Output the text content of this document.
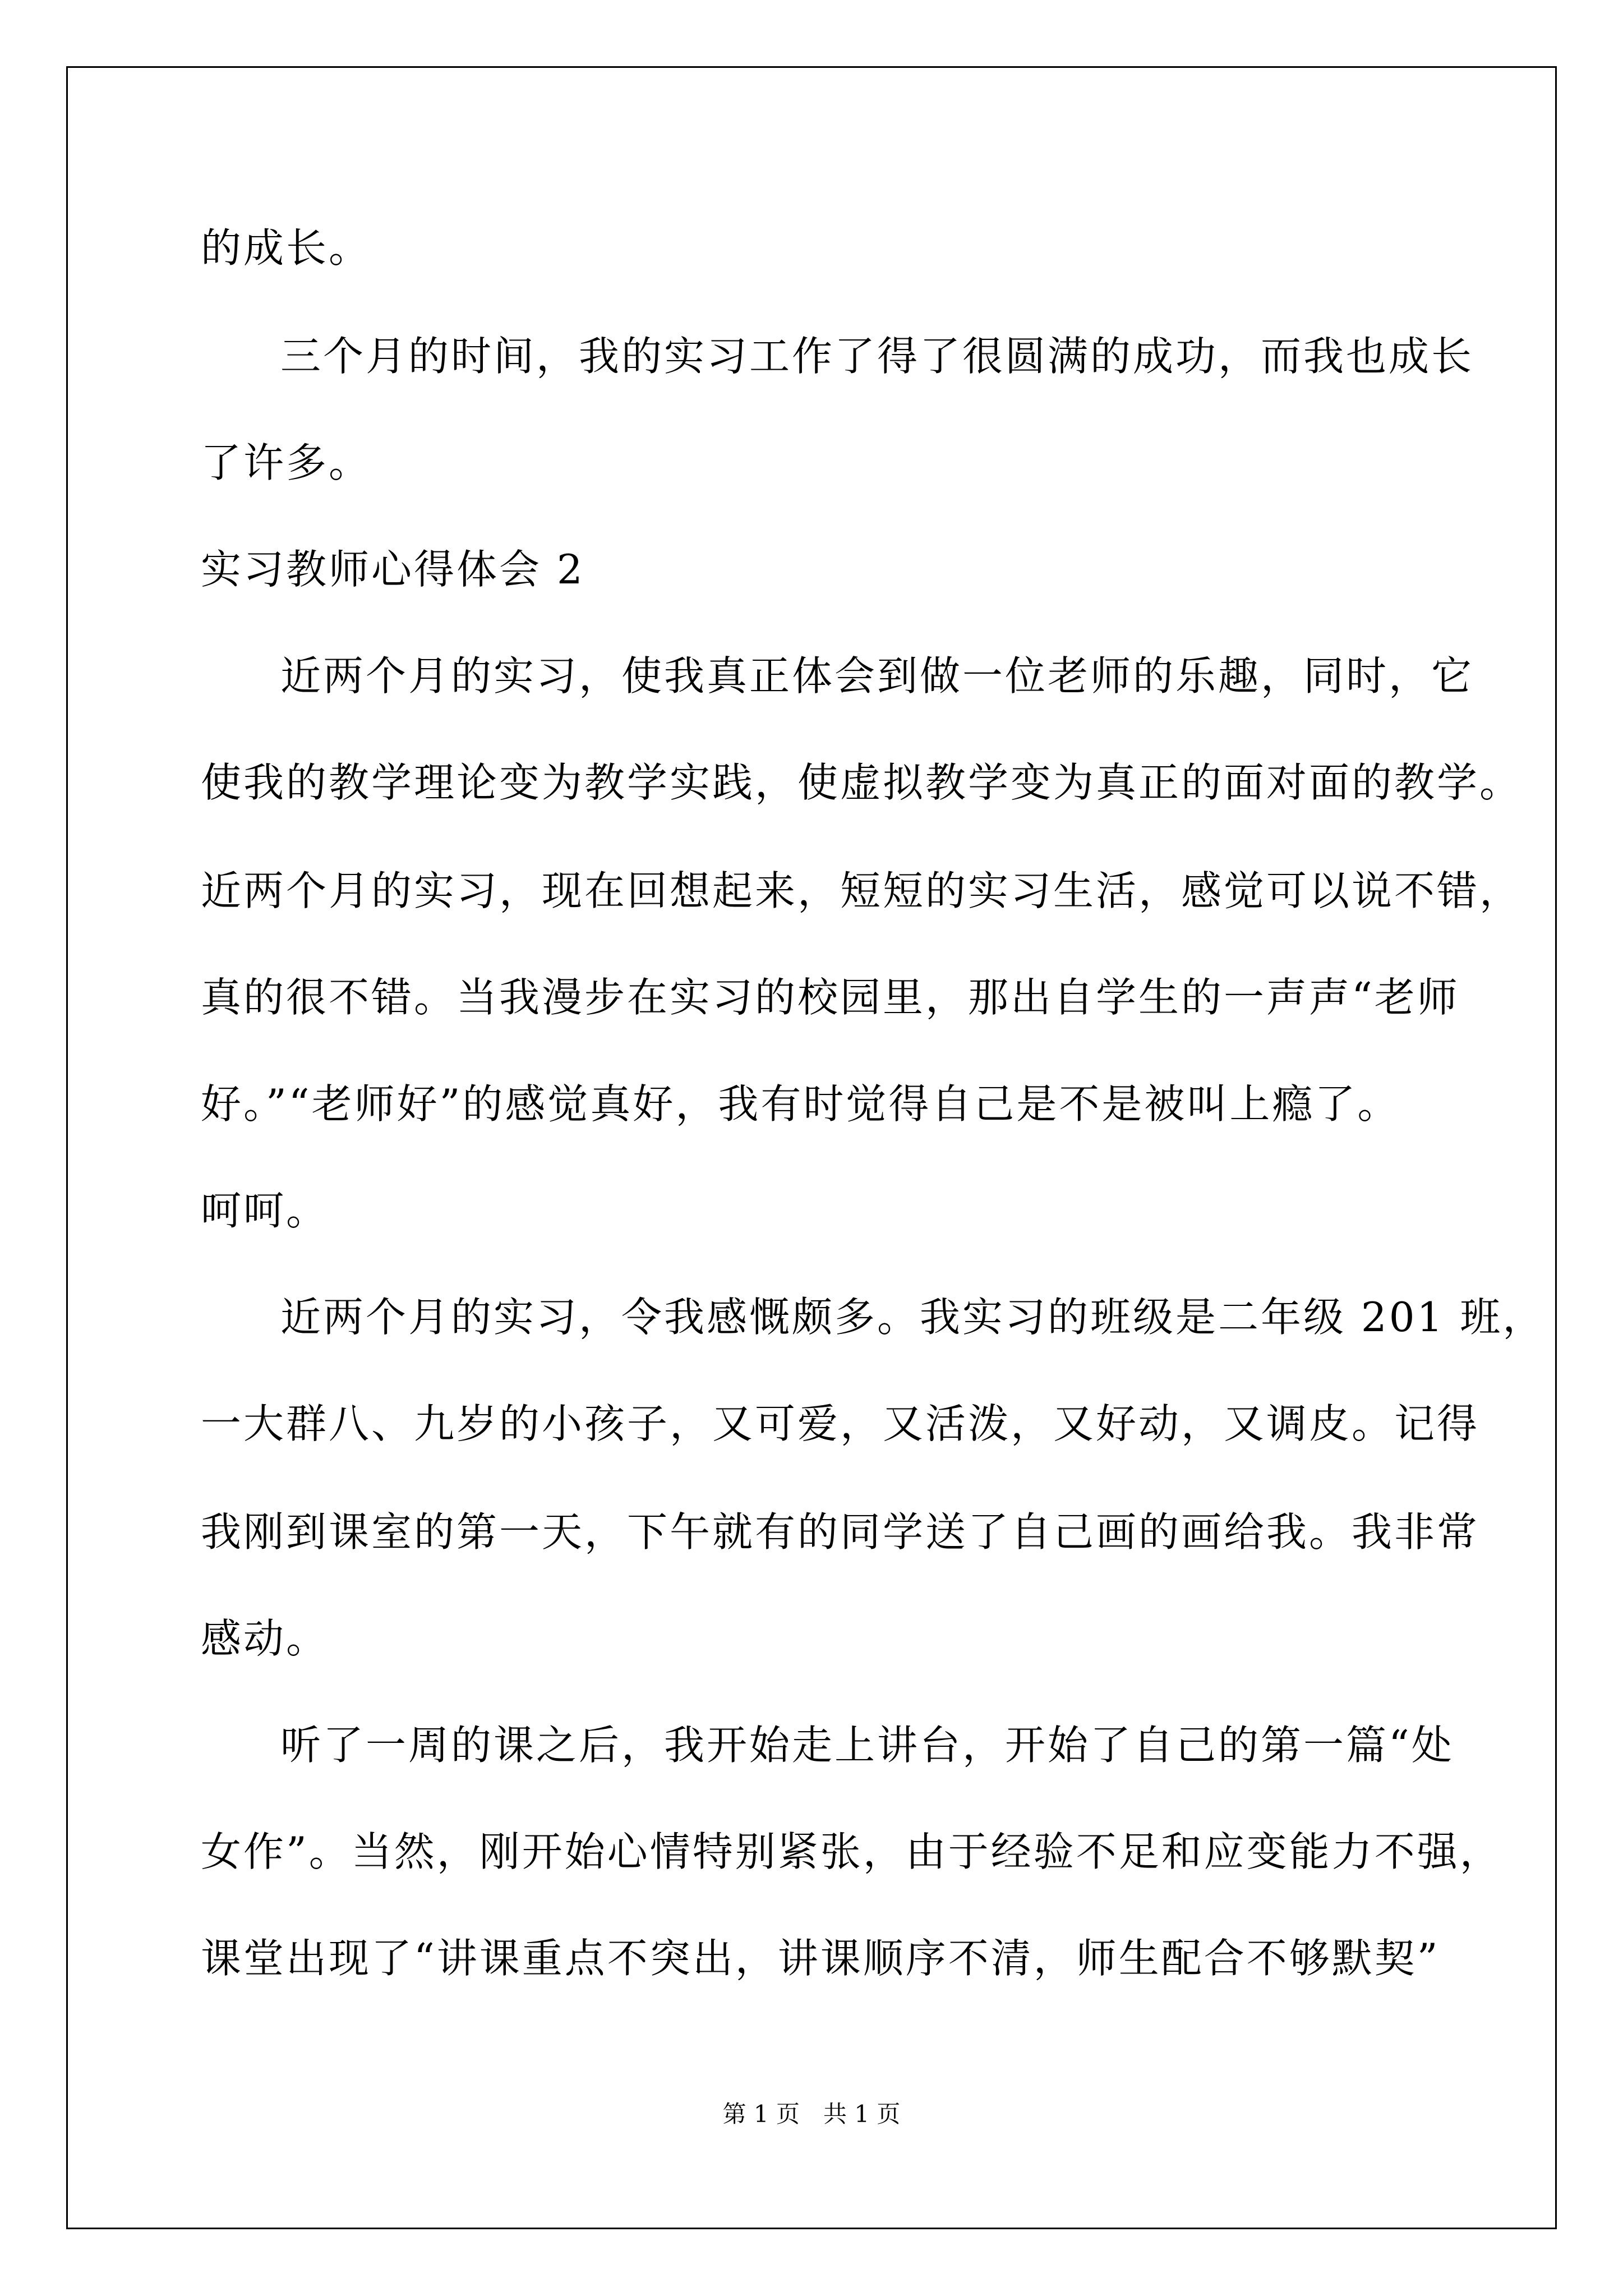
的成长。
三个月的时间，我的实习工作了得了很圆满的成功，而我也成长
了许多。
实习教师心得体会 2
近两个月的实习，使我真正体会到做一位老师的乐趣，同时，它
使我的教学理论变为教学实践，使虚拟教学变为真正的面对面的教学。
近两个月的实习，现在回想起来，短短的实习生活，感觉可以说不错，
真的很不错。当我漫步在实习的校园里，那出自学生的一声声“老师
好。”“老师好”的感觉真好，我有时觉得自己是不是被叫上瘾了。
呵呵。
近两个月的实习，令我感慨颇多。我实习的班级是二年级 201 班，
一大群八、九岁的小孩子，又可爱，又活泼，又好动，又调皮。记得
我刚到课室的第一天，下午就有的同学送了自己画的画给我。我非常
感动。
听了一周的课之后，我开始走上讲台，开始了自己的第一篇“处
女作”。当然，刚开始心情特别紧张，由于经验不足和应变能力不强，
课堂出现了“讲课重点不突出，讲课顺序不清，师生配合不够默契”
第 1 页　共 1 页
